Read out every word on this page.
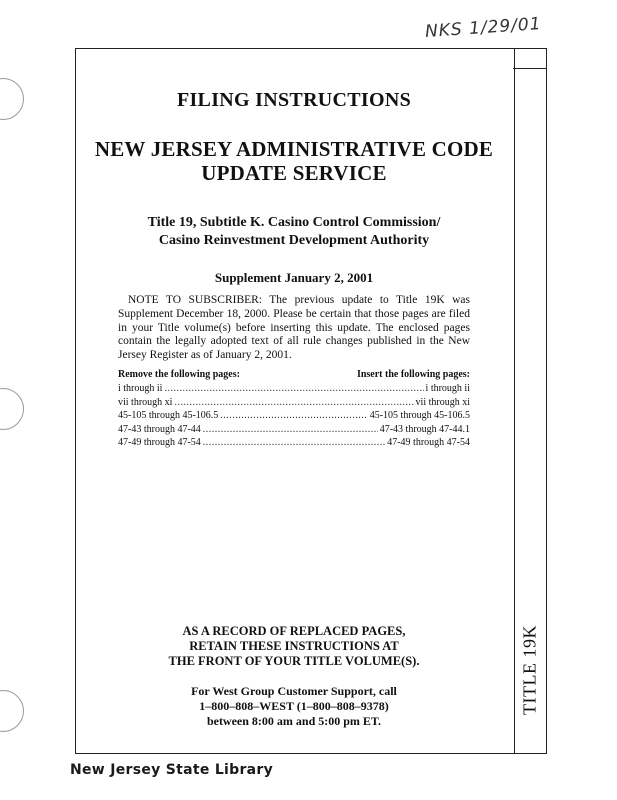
NKS 1/29/01
TITLE 19K
FILING INSTRUCTIONS
NEW JERSEY ADMINISTRATIVE CODE
UPDATE SERVICE
Title 19, Subtitle K. Casino Control Commission/
Casino Reinvestment Development Authority
Supplement January 2, 2001

NOTE TO SUBSCRIBER: The previous update to Title 19K was Supplement December 18, 2000. Please be certain that those pages are filed in your Title volume(s) before inserting this update. The enclosed pages contain the legally adopted text of all rule changes published in the New Jersey Register as of January 2, 2001.

Remove the following pages:	Insert the following pages:
i through ii .....	i through ii
vii through xi .....	vii through xi
45-105 through 45-106.5 .....	45-105 through 45-106.5
47-43 through 47-44 .....	47-43 through 47-44.1
47-49 through 47-54 .....	47-49 through 47-54
AS A RECORD OF REPLACED PAGES,
RETAIN THESE INSTRUCTIONS AT
THE FRONT OF YOUR TITLE VOLUME(S).
For West Group Customer Support, call
1–800–808–WEST (1–800–808–9378)
between 8:00 am and 5:00 pm ET.
New Jersey State Library
